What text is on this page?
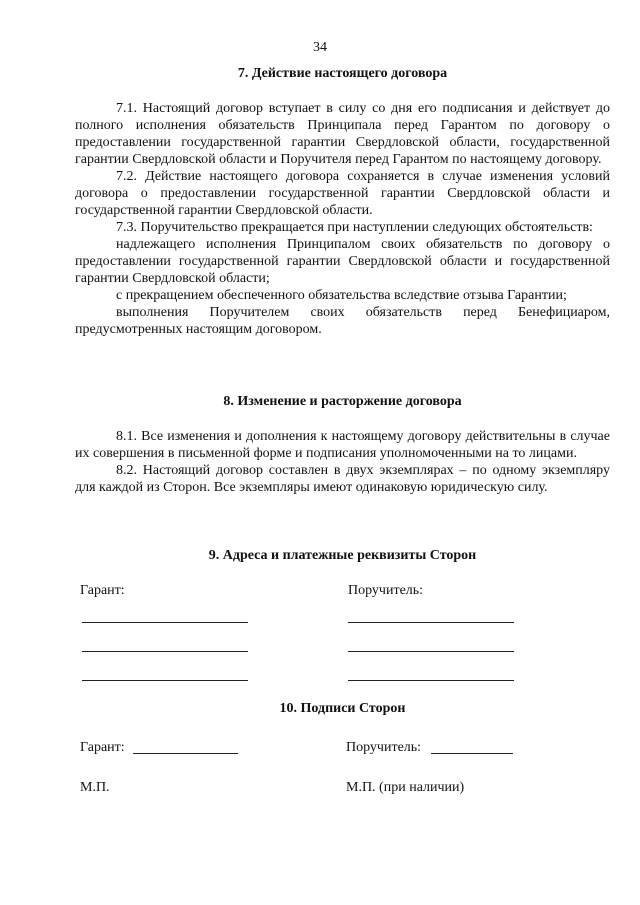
34
7. Действие настоящего договора

7.1. Настоящий договор вступает в силу со дня его подписания и действует до полного исполнения обязательств Принципала перед Гарантом по договору о предоставлении государственной гарантии Свердловской области, государственной гарантии Свердловской области и Поручителя перед Гарантом по настоящему договору.

7.2. Действие настоящего договора сохраняется в случае изменения условий договора о предоставлении государственной гарантии Свердловской области и государственной гарантии Свердловской области.

7.3. Поручительство прекращается при наступлении следующих обстоятельств:

надлежащего исполнения Принципалом своих обязательств по договору о предоставлении государственной гарантии Свердловской области и государственной гарантии Свердловской области;

с прекращением обеспеченного обязательства вследствие отзыва Гарантии;

выполнения Поручителем своих обязательств перед Бенефициаром, предусмотренных настоящим договором.

8. Изменение и расторжение договора

8.1. Все изменения и дополнения к настоящему договору действительны в случае их совершения в письменной форме и подписания уполномоченными на то лицами.

8.2. Настоящий договор составлен в двух экземплярах – по одному экземпляру для каждой из Сторон. Все экземпляры имеют одинаковую юридическую силу.

9. Адреса и платежные реквизиты Сторон
Гарант:	Поручитель:
10. Подписи Сторон
Гарант:	Поручитель:
М.П.	М.П. (при наличии)
